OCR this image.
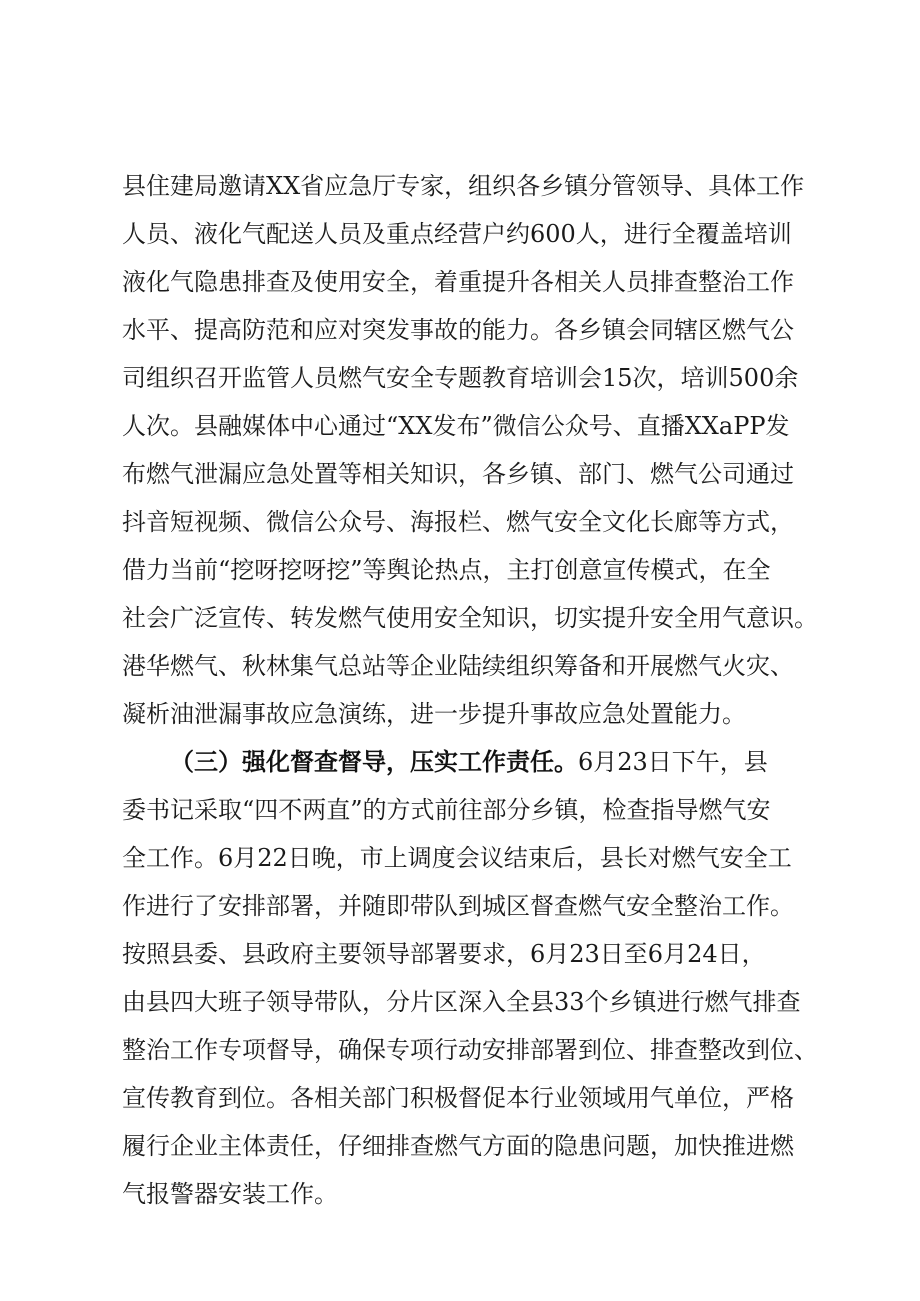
县住建局邀请XX省应急厅专家，组织各乡镇分管领导、具体工作
人员、液化气配送人员及重点经营户约600人，进行全覆盖培训
液化气隐患排查及使用安全，着重提升各相关人员排查整治工作
水平、提高防范和应对突发事故的能力。各乡镇会同辖区燃气公
司组织召开监管人员燃气安全专题教育培训会15次，培训500余
人次。县融媒体中心通过“XX发布”微信公众号、直播XXaPP发
布燃气泄漏应急处置等相关知识，各乡镇、部门、燃气公司通过
抖音短视频、微信公众号、海报栏、燃气安全文化长廊等方式，
借力当前“挖呀挖呀挖”等舆论热点，主打创意宣传模式，在全
社会广泛宣传、转发燃气使用安全知识，切实提升安全用气意识。
港华燃气、秋林集气总站等企业陆续组织筹备和开展燃气火灾、
凝析油泄漏事故应急演练，进一步提升事故应急处置能力。
（三）强化督查督导，压实工作责任。6月23日下午，县
委书记采取“四不两直”的方式前往部分乡镇，检查指导燃气安
全工作。6月22日晚，市上调度会议结束后，县长对燃气安全工
作进行了安排部署，并随即带队到城区督查燃气安全整治工作。
按照县委、县政府主要领导部署要求，6月23日至6月24日，
由县四大班子领导带队，分片区深入全县33个乡镇进行燃气排查
整治工作专项督导，确保专项行动安排部署到位、排查整改到位、
宣传教育到位。各相关部门积极督促本行业领域用气单位，严格
履行企业主体责任，仔细排查燃气方面的隐患问题，加快推进燃
气报警器安装工作。
